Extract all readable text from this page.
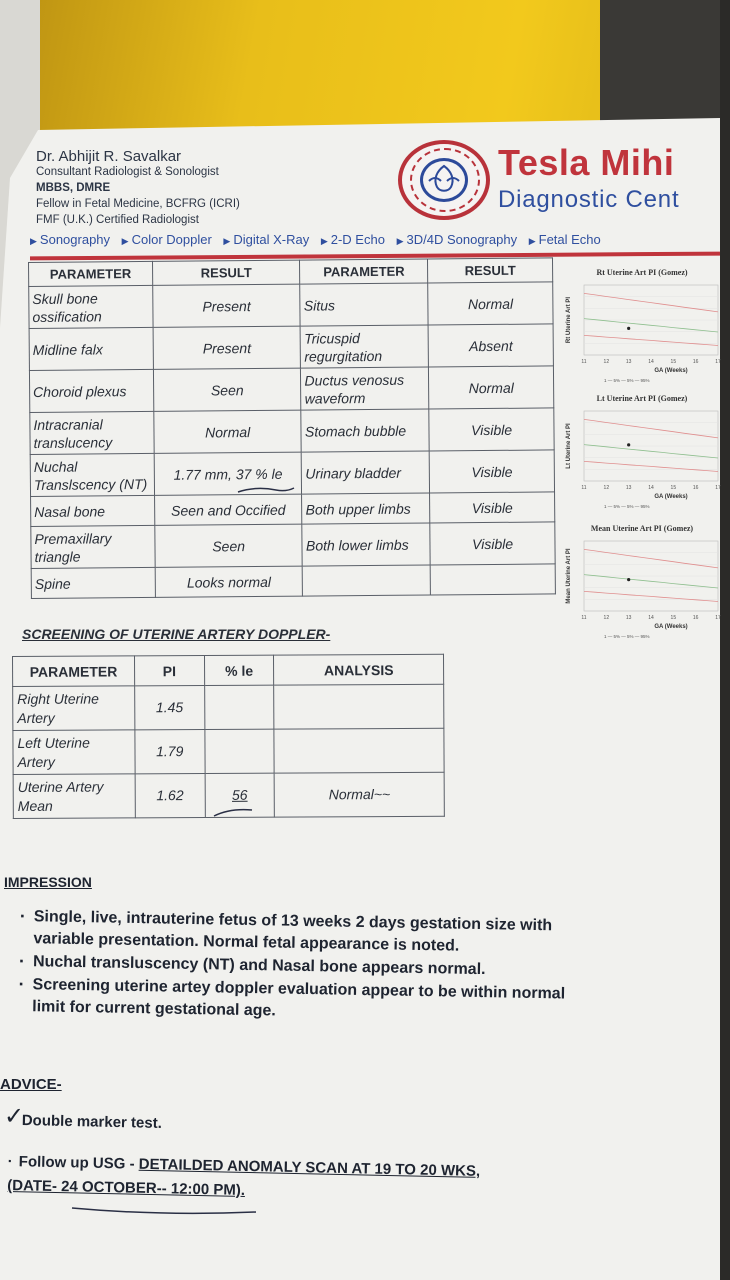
Dr. Abhijit R. Savalkar
Consultant Radiologist & Sonologist
MBBS, DMRE
Fellow in Fetal Medicine, BCFRG (ICRI)
FMF (U.K.) Certified Radiologist
Tesla Mihi
Diagnostic Cent
▶ Sonography ▶ Color Doppler ▶ Digital X-Ray ▶ 2-D Echo ▶ 3D/4D Sonography ▶ Fetal Echo
PARAMETER	RESULT	PARAMETER	RESULT
Skull bone ossification	Present	Situs	Normal
Midline falx	Present	Tricuspid regurgitation	Absent
Choroid plexus	Seen	Ductus venosus waveform	Normal
Intracranial translucency	Normal	Stomach bubble	Visible
Nuchal Translscency (NT)	1.77 mm, 37 % le	Urinary bladder	Visible
Nasal bone	Seen and Occified	Both upper limbs	Visible
Premaxillary triangle	Seen	Both lower limbs	Visible
Spine	Looks normal		
Rt Uterine Art PI (Gomez)
Rt Uterine Art PI
11	12	13	14	15	16	17
GA (Weeks)
1 — 5% — 5% — 95%
Lt Uterine Art PI (Gomez)
Lt Uterine Art PI
11	12	13	14	15	16	17
GA (Weeks)
1 — 5% — 5% — 95%
Mean Uterine Art PI (Gomez)
Mean Uterine Art PI
11	12	13	14	15	16	17
GA (Weeks)
1 — 5% — 5% — 95%
SCREENING OF UTERINE ARTERY DOPPLER-
PARAMETER	PI	% le	ANALYSIS
Right Uterine Artery	1.45		
Left Uterine Artery	1.79		
Uterine Artery Mean	1.62	56	Normal~~
IMPRESSION
· Single, live, intrauterine fetus of 13 weeks 2 days gestation size with variable presentation. Normal fetal appearance is noted.
· Nuchal transluscency (NT) and Nasal bone appears normal.
· Screening uterine artey doppler evaluation appear to be within normal limit for current gestational age.
ADVICE-
✓
Double marker test.
· Follow up USG - DETAILDED ANOMALY SCAN AT 19 TO 20 WKS,
(DATE- 24 OCTOBER-- 12:00 PM).
